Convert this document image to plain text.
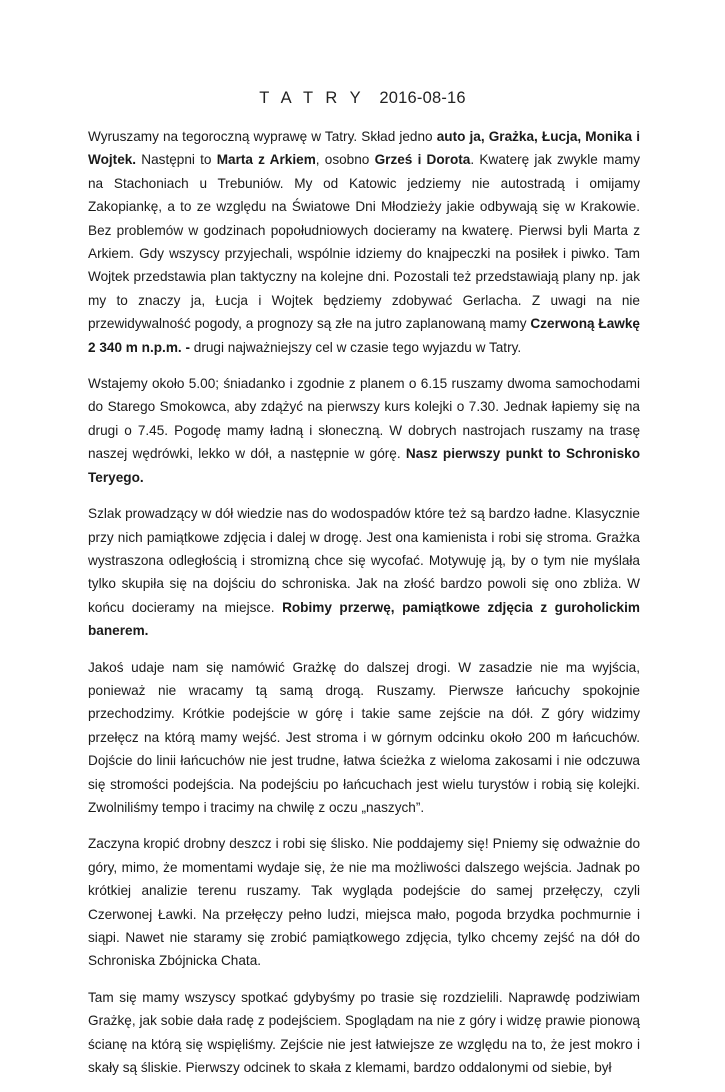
T A T R Y 2016-08-16

Wyruszamy na tegoroczną wyprawę w Tatry. Skład jedno auto ja, Grażka, Łucja, Monika i Wojtek. Następni to Marta z Arkiem, osobno Grześ i Dorota. Kwaterę jak zwykle mamy na Stachoniach u Trebuniów. My od Katowic jedziemy nie autostradą i omijamy Zakopiankę, a to ze względu na Światowe Dni Młodzieży jakie odbywają się w Krakowie. Bez problemów w godzinach popołudniowych docieramy na kwaterę. Pierwsi byli Marta z Arkiem. Gdy wszyscy przyjechali, wspólnie idziemy do knajpeczki na posiłek i piwko. Tam Wojtek przedstawia plan taktyczny na kolejne dni. Pozostali też przedstawiają plany np. jak my to znaczy ja, Łucja i Wojtek będziemy zdobywać Gerlacha. Z uwagi na nie przewidywalność pogody, a prognozy są złe na jutro zaplanowaną mamy Czerwoną Ławkę 2 340 m n.p.m. - drugi najważniejszy cel w czasie tego wyjazdu w Tatry.

Wstajemy około 5.00; śniadanko i zgodnie z planem o 6.15 ruszamy dwoma samochodami do Starego Smokowca, aby zdążyć na pierwszy kurs kolejki o 7.30. Jednak łapiemy się na drugi o 7.45. Pogodę mamy ładną i słoneczną. W dobrych nastrojach ruszamy na trasę naszej wędrówki, lekko w dół, a następnie w górę. Nasz pierwszy punkt to Schronisko Teryego.

Szlak prowadzący w dół wiedzie nas do wodospadów które też są bardzo ładne. Klasycznie przy nich pamiątkowe zdjęcia i dalej w drogę. Jest ona kamienista i robi się stroma. Grażka wystraszona odległością i stromizną chce się wycofać. Motywuję ją, by o tym nie myślała tylko skupiła się na dojściu do schroniska. Jak na złość bardzo powoli się ono zbliża. W końcu docieramy na miejsce. Robimy przerwę, pamiątkowe zdjęcia z guroholickim banerem.

Jakoś udaje nam się namówić Grażkę do dalszej drogi. W zasadzie nie ma wyjścia, ponieważ nie wracamy tą samą drogą. Ruszamy. Pierwsze łańcuchy spokojnie przechodzimy. Krótkie podejście w górę i takie same zejście na dół. Z góry widzimy przełęcz na którą mamy wejść. Jest stroma i w górnym odcinku około 200 m łańcuchów. Dojście do linii łańcuchów nie jest trudne, łatwa ścieżka z wieloma zakosami i nie odczuwa się stromości podejścia. Na podejściu po łańcuchach jest wielu turystów i robią się kolejki. Zwolniliśmy tempo i tracimy na chwilę z oczu „naszych”.

Zaczyna kropić drobny deszcz i robi się ślisko. Nie poddajemy się! Pniemy się odważnie do góry, mimo, że momentami wydaje się, że nie ma możliwości dalszego wejścia. Jadnak po krótkiej analizie terenu ruszamy. Tak wygląda podejście do samej przełęczy, czyli Czerwonej Ławki. Na przełęczy pełno ludzi, miejsca mało, pogoda brzydka pochmurnie i siąpi. Nawet nie staramy się zrobić pamiątkowego zdjęcia, tylko chcemy zejść na dół do Schroniska Zbójnicka Chata.

Tam się mamy wszyscy spotkać gdybyśmy po trasie się rozdzielili. Naprawdę podziwiam Grażkę, jak sobie dała radę z podejściem. Spoglądam na nie z góry i widzę prawie pionową ścianę na którą się wspięliśmy. Zejście nie jest łatwiejsze ze względu na to, że jest mokro i skały są śliskie. Pierwszy odcinek to skała z klemami, bardzo oddalonymi od siebie, był
